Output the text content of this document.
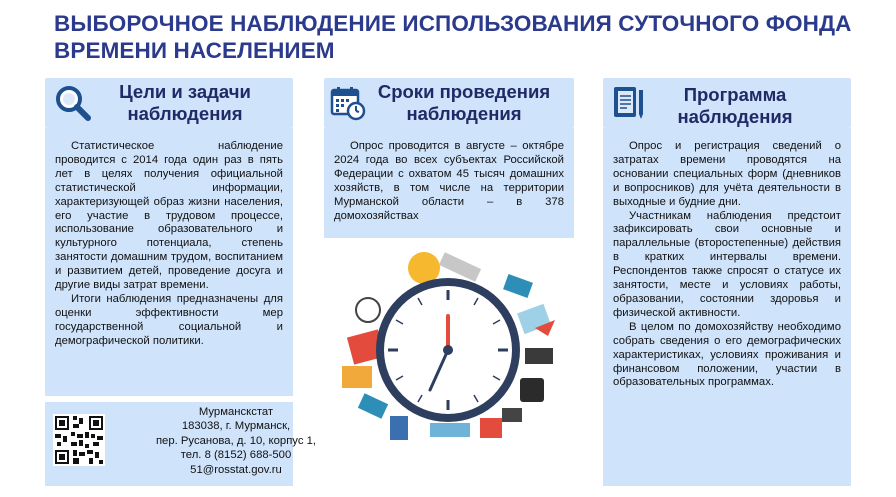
ВЫБОРОЧНОЕ НАБЛЮДЕНИЕ ИСПОЛЬЗОВАНИЯ СУТОЧНОГО ФОНДА ВРЕМЕНИ НАСЕЛЕНИЕМ
Цели и задачи наблюдения

Статистическое наблюдение проводится с 2014 года один раз в пять лет в целях получения официальной статистической информации, характеризующей образ жизни населения, его участие в трудовом процессе, использование образовательного и культурного потенциала, степень занятости домашним трудом, воспитанием и развитием детей, проведение досуга и другие виды затрат времени.

Итоги наблюдения предназначены для оценки эффективности мер государственной социальной и демографической политики.

Мурманскстат
183038, г. Мурманск,
пер. Русанова, д. 10, корпус 1,
тел. 8 (8152) 688-500
51@rosstat.gov.ru
Сроки проведения наблюдения

Опрос проводится в августе – октябре 2024 года во всех субъектах Российской Федерации с охватом 45 тысяч домашних хозяйств, в том числе на территории Мурманской области – в 378 домохозяйствах

Программа наблюдения

Опрос и регистрация сведений о затратах времени проводятся на основании специальных форм (дневников и вопросников) для учёта деятельности в выходные и будние дни.

Участникам наблюдения предстоит зафиксировать свои основные и параллельные (второстепенные) действия в кратких интервалы времени. Респондентов также спросят о статусе их занятости, месте и условиях работы, образовании, состоянии здоровья и физической активности.

В целом по домохозяйству необходимо собрать сведения о его демографических характеристиках, условиях проживания и финансовом положении, участии в образовательных программах.
